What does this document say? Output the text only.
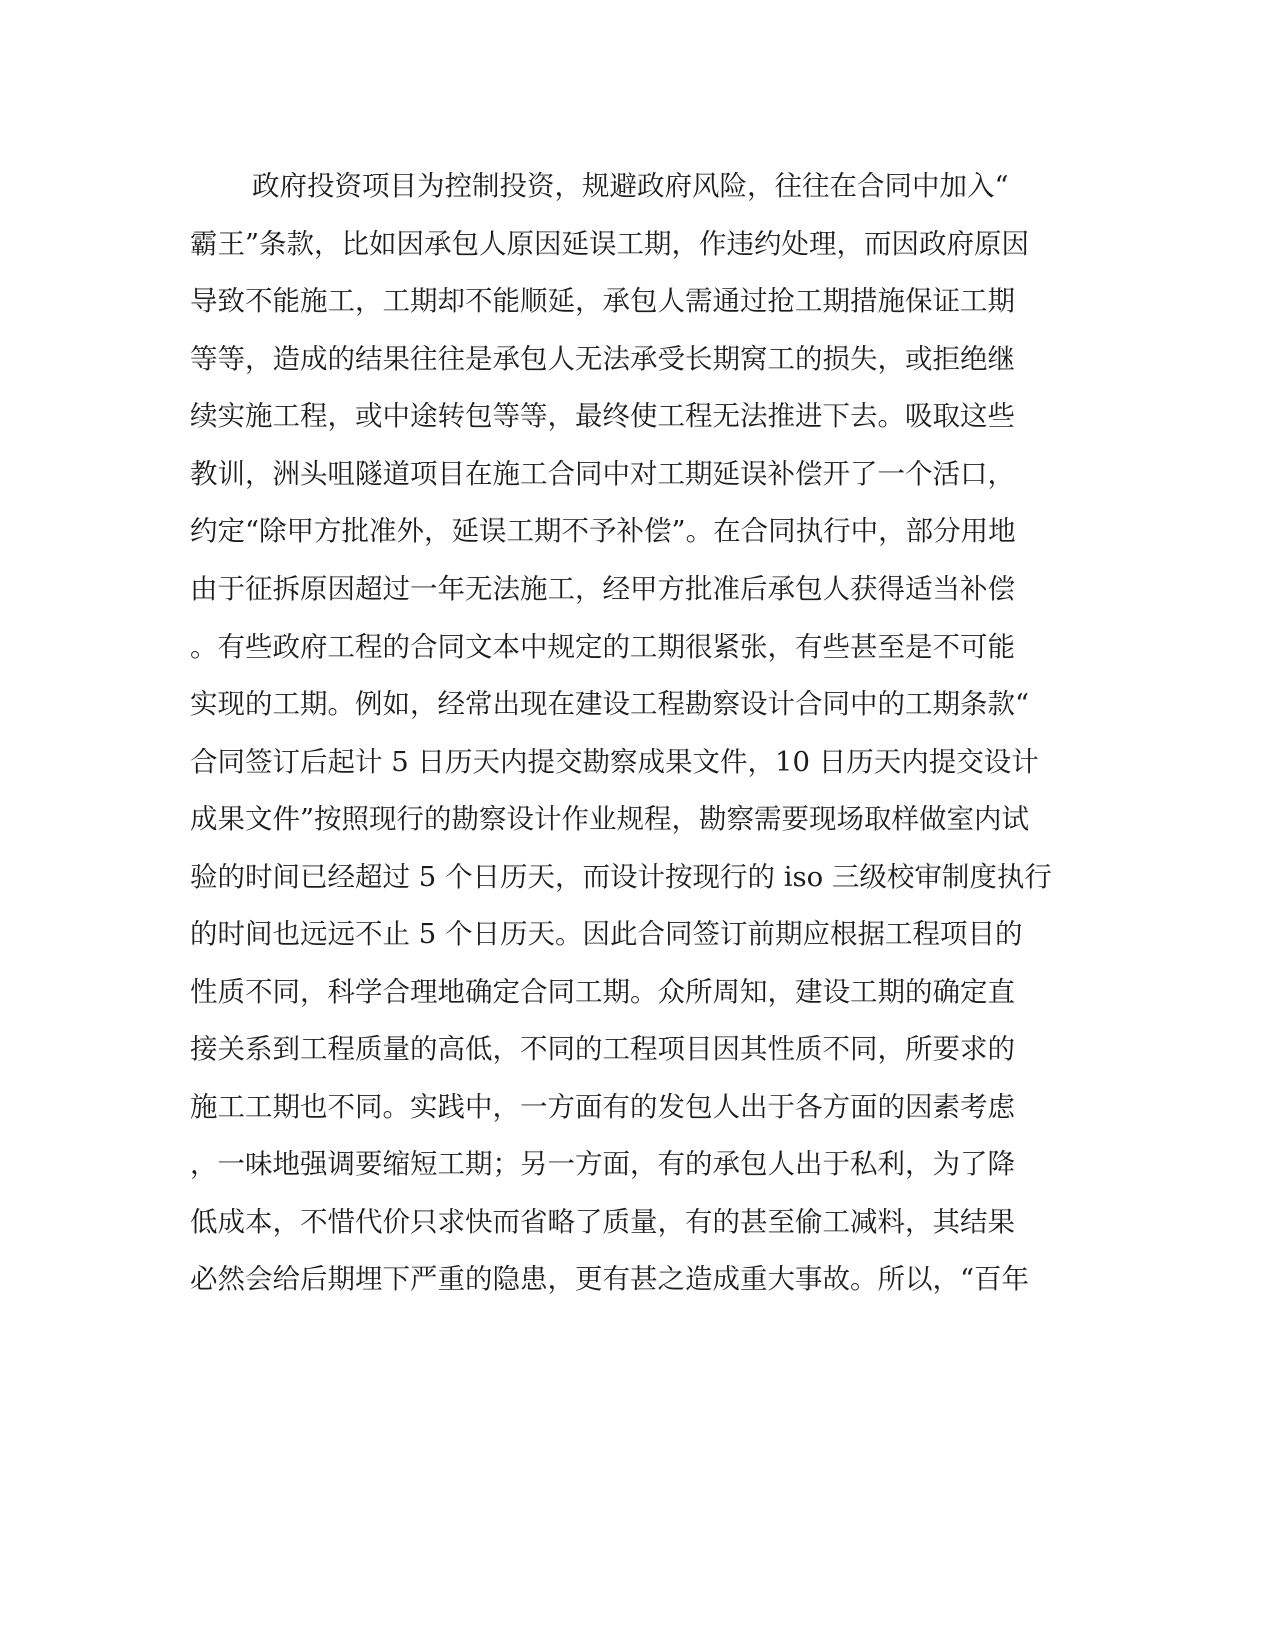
政府投资项目为控制投资，规避政府风险，往往在合同中加入“
霸王”条款，比如因承包人原因延误工期，作违约处理，而因政府原因
导致不能施工，工期却不能顺延，承包人需通过抢工期措施保证工期
等等，造成的结果往往是承包人无法承受长期窝工的损失，或拒绝继
续实施工程，或中途转包等等，最终使工程无法推进下去。吸取这些
教训，洲头咀隧道项目在施工合同中对工期延误补偿开了一个活口，
约定“除甲方批准外，延误工期不予补偿”。在合同执行中，部分用地
由于征拆原因超过一年无法施工，经甲方批准后承包人获得适当补偿
。有些政府工程的合同文本中规定的工期很紧张，有些甚至是不可能
实现的工期。例如，经常出现在建设工程勘察设计合同中的工期条款“
合同签订后起计 5 日历天内提交勘察成果文件，10 日历天内提交设计
成果文件”按照现行的勘察设计作业规程，勘察需要现场取样做室内试
验的时间已经超过 5 个日历天，而设计按现行的 iso 三级校审制度执行
的时间也远远不止 5 个日历天。因此合同签订前期应根据工程项目的
性质不同，科学合理地确定合同工期。众所周知，建设工期的确定直
接关系到工程质量的高低，不同的工程项目因其性质不同，所要求的
施工工期也不同。实践中，一方面有的发包人出于各方面的因素考虑
，一味地强调要缩短工期；另一方面，有的承包人出于私利，为了降
低成本，不惜代价只求快而省略了质量，有的甚至偷工减料，其结果
必然会给后期埋下严重的隐患，更有甚之造成重大事故。所以，“百年
